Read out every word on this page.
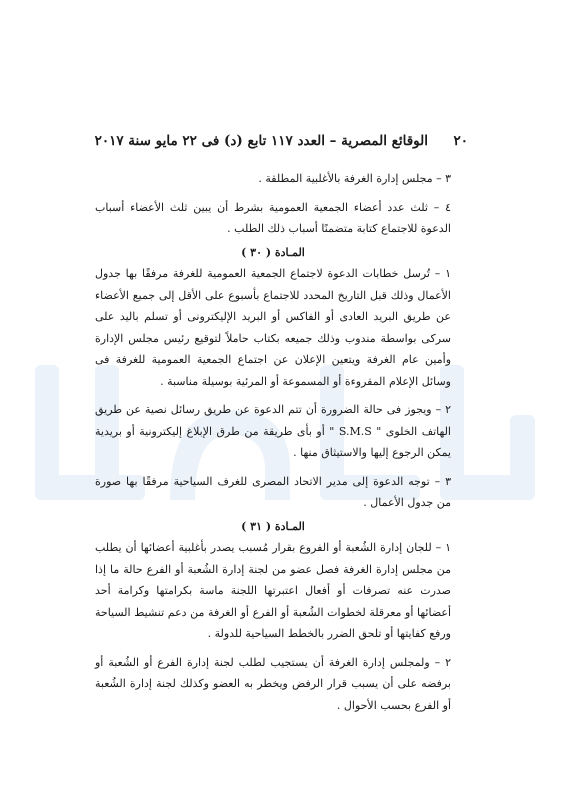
٢٠
الوقائع المصرية – العدد ١١٧ تابع (د) فى ٢٢ مايو سنة ٢٠١٧

٣ – مجلس إدارة الغرفة بالأغلبية المطلقة .

٤ – ثلث عدد أعضاء الجمعية العمومية بشرط أن يبين ثلث الأعضاء أسباب الدعوة للاجتماع كتابة متضمنًا أسباب ذلك الطلب .

المـادة ( ٣٠ )

١ – تُرسل خطابات الدعوة لاجتماع الجمعية العمومية للغرفة مرفقًا بها جدول الأعمال وذلك قبل التاريخ المحدد للاجتماع بأسبوع على الأقل إلى جميع الأعضاء عن طريق البريد العادى أو الفاكس أو البريد الإليكترونى أو تسلم باليد على سركى بواسطة مندوب وذلك جميعه بكتاب حاملاً لتوقيع رئيس مجلس الإدارة وأمين عام الغرفة ويتعين الإعلان عن اجتماع الجمعية العمومية للغرفة فى وسائل الإعلام المقروءة أو المسموعة أو المرئية بوسيلة مناسبة .

٢ – ويجوز فى حالة الضرورة أن تتم الدعوة عن طريق رسائل نصية عن طريق الهاتف الخلوى " S.M.S " أو بأى طريقة من طرق الإبلاغ إليكترونية أو بريدية يمكن الرجوع إليها والاستيثاق منها .

٣ – توجه الدعوة إلى مدير الاتحاد المصرى للغرف السياحية مرفقًا بها صورة من جدول الأعمال .

المـادة ( ٣١ )

١ – للجان إدارة الشُعبة أو الفروع بقرار مُسبب يصدر بأغلبية أعضائها أن يطلب من مجلس إدارة الغرفة فصل عضو من لجنة إدارة الشُعبة أو الفرع حالة ما إذا صدرت عنه تصرفات أو أفعال اعتبرتها اللجنة ماسة بكرامتها وكرامة أحد أعضائها أو معرقلة لخطوات الشُعبة أو الفرع أو الغرفة من دعم تنشيط السياحة ورفع كفايتها أو تلحق الضرر بالخطط السياحية للدولة .

٢ – ولمجلس إدارة الغرفة أن يستجيب لطلب لجنة إدارة الفرع أو الشُعبة أو برفضه على أن يسبب قرار الرفض ويخطر به العضو وكذلك لجنة إدارة الشُعبة أو الفرع بحسب الأحوال .
